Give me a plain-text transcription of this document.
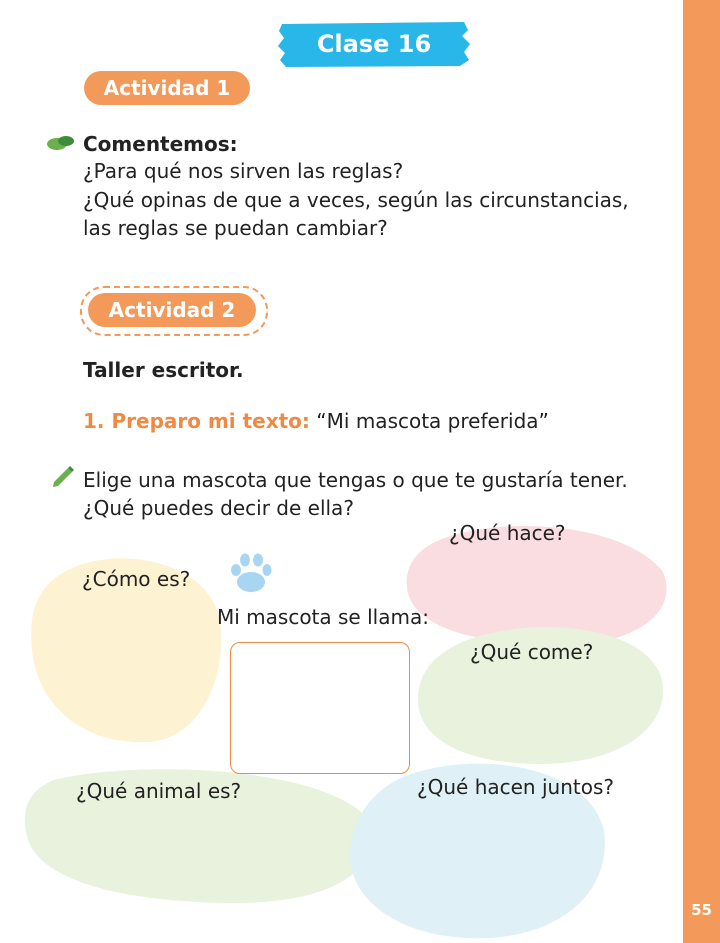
55
Clase 16
Actividad 1
Comentemos:
¿Para qué nos sirven las reglas?
¿Qué opinas de que a veces, según las circunstancias,
las reglas se puedan cambiar?
Actividad 2
Taller escritor.
1. Preparo mi texto: “Mi mascota preferida”
Elige una mascota que tengas o que te gustaría tener.
¿Qué puedes decir de ella?
¿Cómo es?
¿Qué hace?
Mi mascota se llama:
¿Qué come?
¿Qué animal es?	¿Qué hacen juntos?
